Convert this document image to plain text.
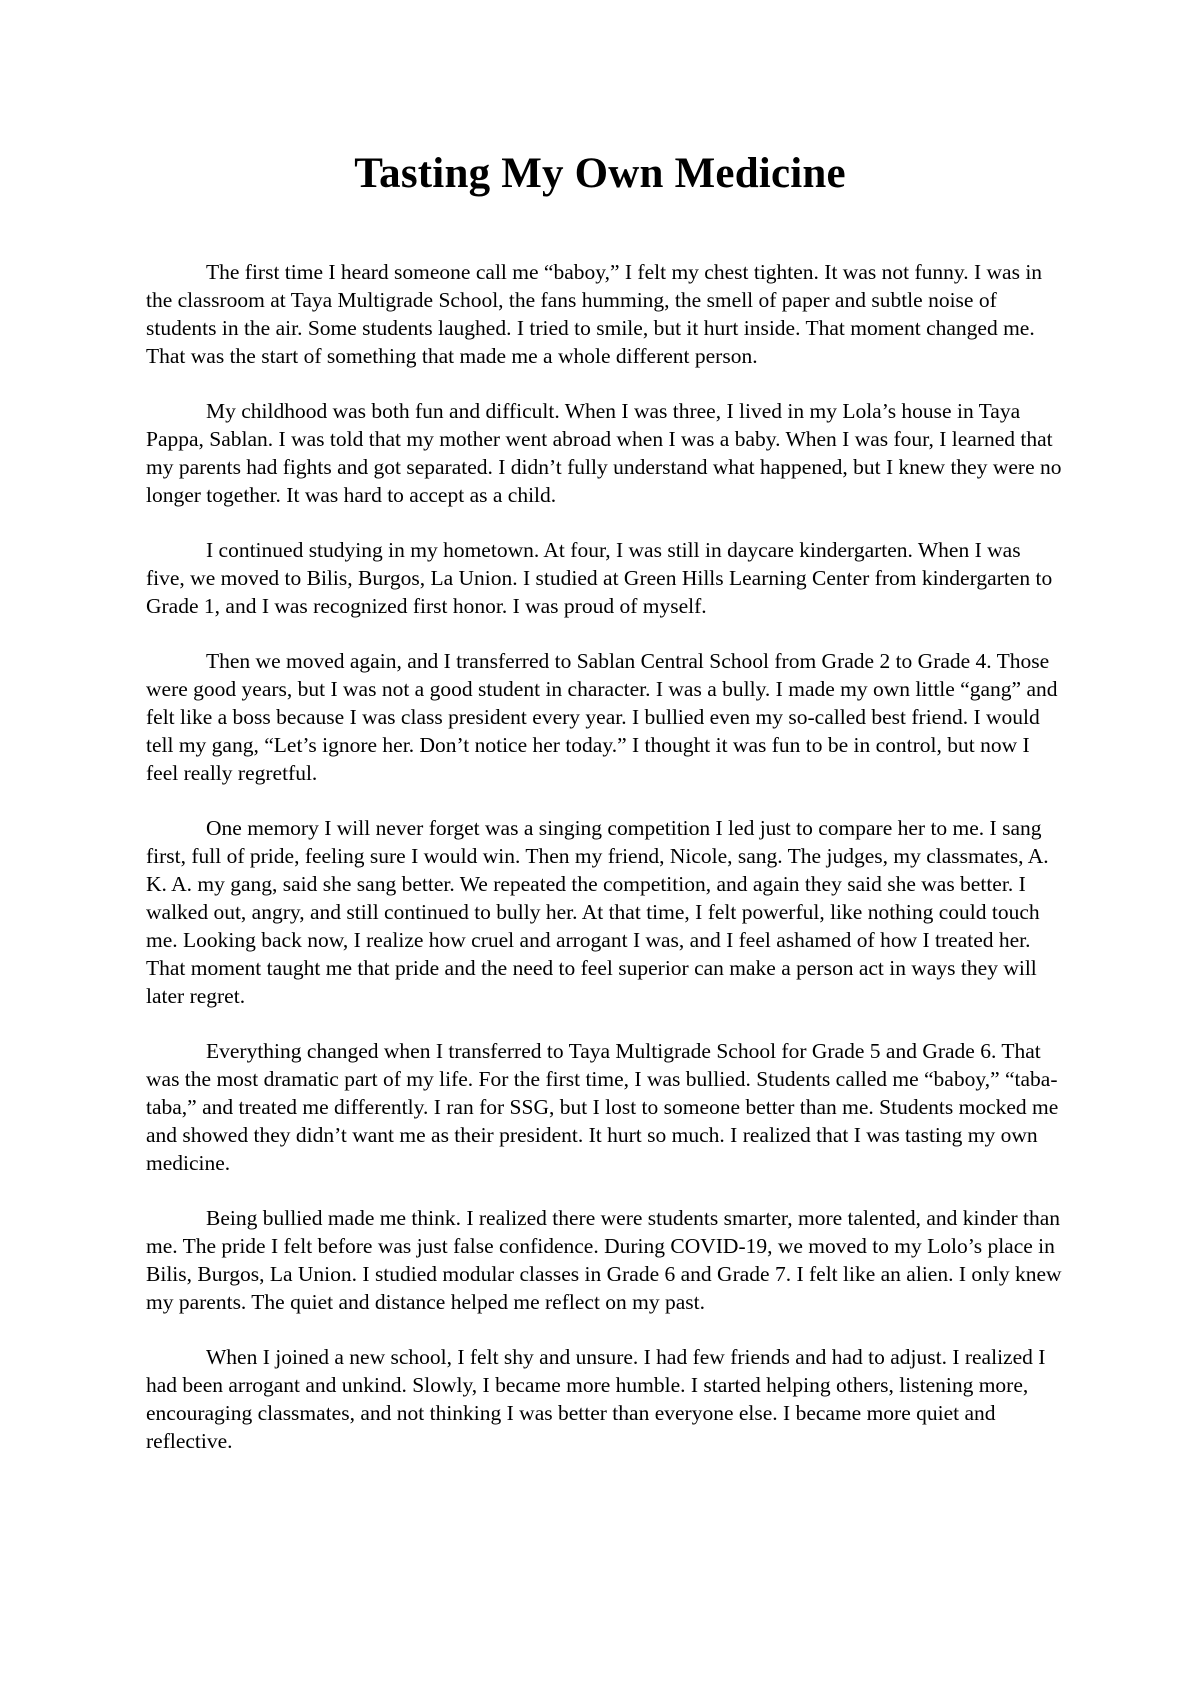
Tasting My Own Medicine

The first time I heard someone call me “baboy,” I felt my chest tighten. It was not funny. I was in the classroom at Taya Multigrade School, the fans humming, the smell of paper and subtle noise of students in the air. Some students laughed. I tried to smile, but it hurt inside. That moment changed me. That was the start of something that made me a whole different person.

My childhood was both fun and difficult. When I was three, I lived in my Lola’s house in Taya Pappa, Sablan. I was told that my mother went abroad when I was a baby. When I was four, I learned that my parents had fights and got separated. I didn’t fully understand what happened, but I knew they were no longer together. It was hard to accept as a child.

I continued studying in my hometown. At four, I was still in daycare kindergarten. When I was five, we moved to Bilis, Burgos, La Union. I studied at Green Hills Learning Center from kindergarten to Grade 1, and I was recognized first honor. I was proud of myself.

Then we moved again, and I transferred to Sablan Central School from Grade 2 to Grade 4. Those were good years, but I was not a good student in character. I was a bully. I made my own little “gang” and felt like a boss because I was class president every year. I bullied even my so-called best friend. I would tell my gang, “Let’s ignore her. Don’t notice her today.” I thought it was fun to be in control, but now I feel really regretful.

One memory I will never forget was a singing competition I led just to compare her to me. I sang first, full of pride, feeling sure I would win. Then my friend, Nicole, sang. The judges, my classmates, A. K. A. my gang, said she sang better. We repeated the competition, and again they said she was better. I walked out, angry, and still continued to bully her. At that time, I felt powerful, like nothing could touch me. Looking back now, I realize how cruel and arrogant I was, and I feel ashamed of how I treated her. That moment taught me that pride and the need to feel superior can make a person act in ways they will later regret.

Everything changed when I transferred to Taya Multigrade School for Grade 5 and Grade 6. That was the most dramatic part of my life. For the first time, I was bullied. Students called me “baboy,” “taba-taba,” and treated me differently. I ran for SSG, but I lost to someone better than me. Students mocked me and showed they didn’t want me as their president. It hurt so much. I realized that I was tasting my own medicine.

Being bullied made me think. I realized there were students smarter, more talented, and kinder than me. The pride I felt before was just false confidence. During COVID-19, we moved to my Lolo’s place in Bilis, Burgos, La Union. I studied modular classes in Grade 6 and Grade 7. I felt like an alien. I only knew my parents. The quiet and distance helped me reflect on my past.

When I joined a new school, I felt shy and unsure. I had few friends and had to adjust. I realized I had been arrogant and unkind. Slowly, I became more humble. I started helping others, listening more, encouraging classmates, and not thinking I was better than everyone else. I became more quiet and reflective.
